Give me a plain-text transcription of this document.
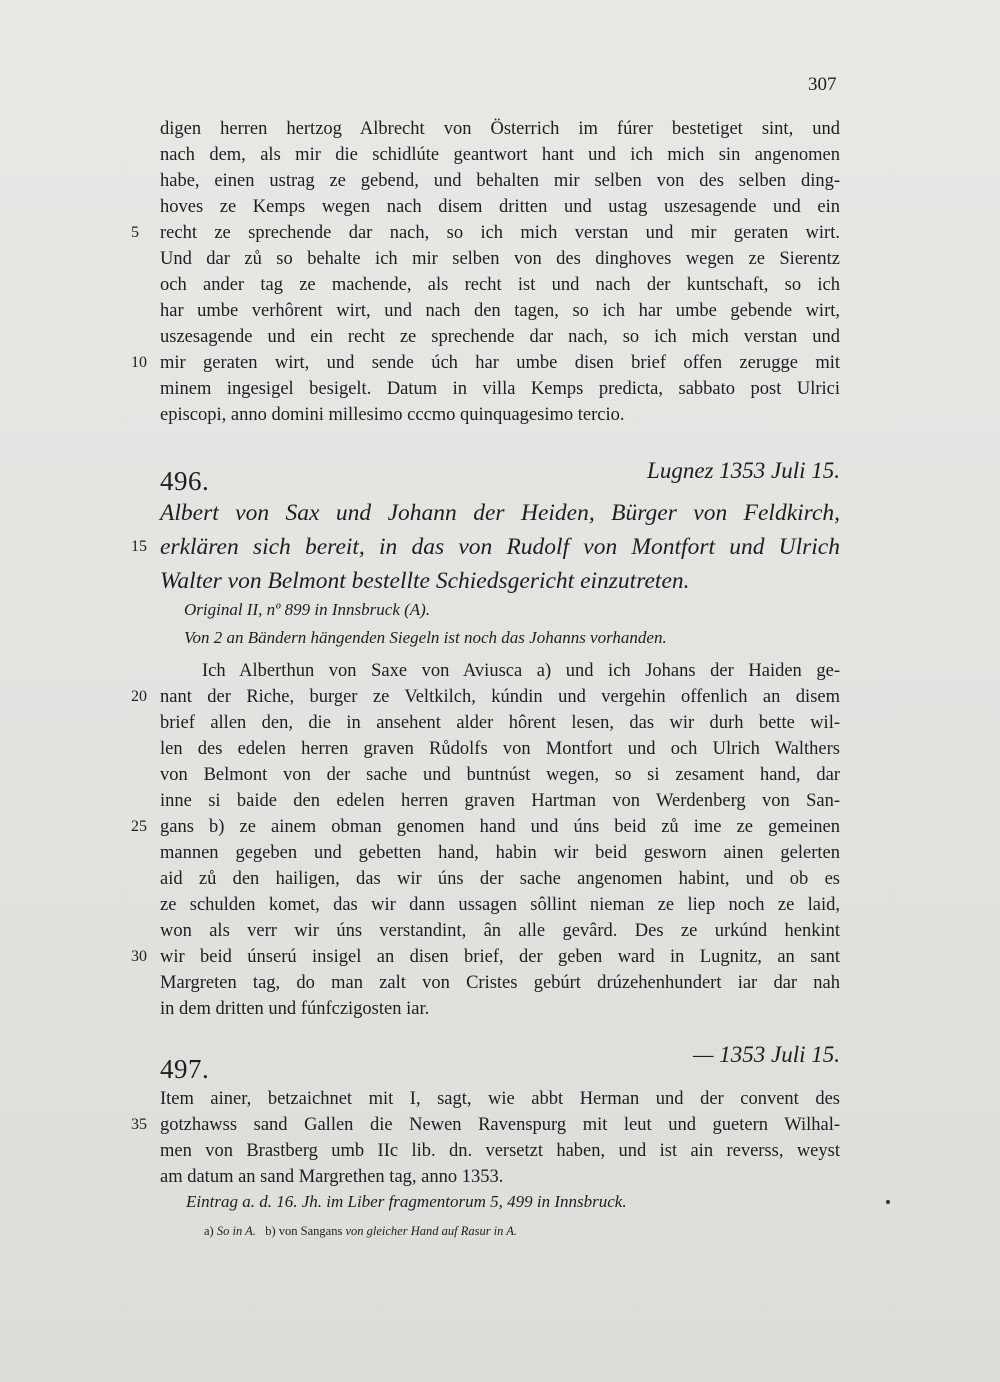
307
digen herren hertzog Albrecht von Österrich im fúrer bestetiget sint, und
nach dem, als mir die schidlúte geantwort hant und ich mich sin angenomen
habe, einen ustrag ze gebend, und behalten mir selben von des selben ding-
hoves ze Kemps wegen nach disem dritten und ustag uszesagende und ein
5 recht ze sprechende dar nach, so ich mich verstan und mir geraten wirt.
Und dar zů so behalte ich mir selben von des dinghoves wegen ze Sierentz
och ander tag ze machende, als recht ist und nach der kuntschaft, so ich
har umbe verhôrent wirt, und nach den tagen, so ich har umbe gebende wirt,
uszesagende und ein recht ze sprechende dar nach, so ich mich verstan und
10 mir geraten wirt, und sende úch har umbe disen brief offen zerugge mit
minem ingesigel besigelt. Datum in villa Kemps predicta, sabbato post Ulrici
episcopi, anno domini millesimo cccmo quinquagesimo tercio.
496.	Lugnez 1353 Juli 15.
Albert von Sax und Johann der Heiden, Bürger von Feldkirch,
15 erklären sich bereit, in das von Rudolf von Montfort und Ulrich
Walter von Belmont bestellte Schiedsgericht einzutreten.
Original II, nº 899 in Innsbruck (A).
Von 2 an Bändern hängenden Siegeln ist noch das Johanns vorhanden.
Ich Alberthun von Saxe von Aviusca a) und ich Johans der Haiden ge-
20 nant der Riche, burger ze Veltkilch, kúndin und vergehin offenlich an disem
brief allen den, die in ansehent alder hôrent lesen, das wir durh bette wil-
len des edelen herren graven Růdolfs von Montfort und och Ulrich Walthers
von Belmont von der sache und buntnúst wegen, so si zesament hand, dar
inne si baide den edelen herren graven Hartman von Werdenberg von San-
25 gans b) ze ainem obman genomen hand und úns beid zů ime ze gemeinen
mannen gegeben und gebetten hand, habin wir beid gesworn ainen gelerten
aid zů den hailigen, das wir úns der sache angenomen habint, und ob es
ze schulden komet, das wir dann ussagen sôllint nieman ze liep noch ze laid,
won als verr wir úns verstandint, ân alle gevârd. Des ze urkúnd henkint
30 wir beid únserú insigel an disen brief, der geben ward in Lugnitz, an sant
Margreten tag, do man zalt von Cristes gebúrt drúzehenhundert iar dar nah
in dem dritten und fúnfczigosten iar.
497.	— 1353 Juli 15.
Item ainer, betzaichnet mit I, sagt, wie abbt Herman und der convent des
35 gotzhawss sand Gallen die Newen Ravenspurg mit leut und guetern Wilhal-
men von Brastberg umb IIc lib. dn. versetzt haben, und ist ain reverss, weyst
am datum an sand Margrethen tag, anno 1353.
Eintrag a. d. 16. Jh. im Liber fragmentorum 5, 499 in Innsbruck.
a) So in A. b) von Sangans von gleicher Hand auf Rasur in A.
